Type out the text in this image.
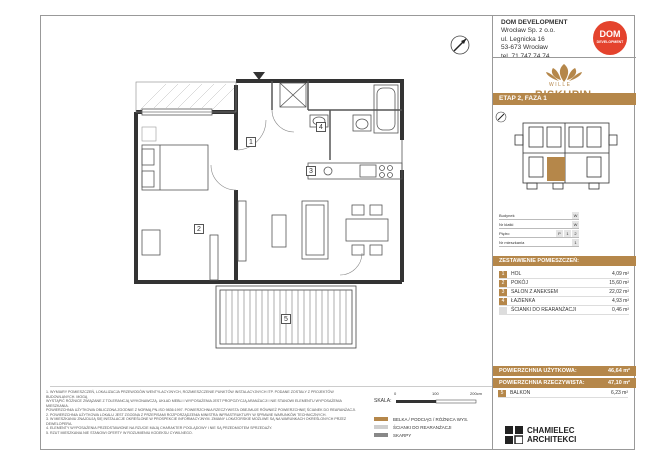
1
2
3
4
5
DOM DEVELOPMENT
Wrocław Sp. z o.o.
ul. Legnicka 16
53-673 Wrocław
tel. 71 747 74 74
DOM
DEVELOPMENT
WILLE
ETAP 2, FAZA 1
Budynek	W
Nr klatki	W
Piętro	P 1 2
Nr mieszkania	1
ZESTAWIENIE POMIESZCZEŃ:
1	HOL	4,09 m²
2	POKÓJ	15,60 m²
3	SALON Z ANEKSEM	22,02 m²
4	ŁAZIENKA	4,93 m²
ŚCIANKI DO REARANŻACJI	0,46 m²
POWIERZCHNIA UŻYTKOWA:	46,64 m²
POWIERZCHNIA RZECZYWISTA:	47,10 m²
5	BALKON	6,23 m²
1. WYMIARY POMIESZCZEŃ, LOKALIZACJA PRZEWODÓW WENTYLACYJNYCH, ROZMIESZCZENIE PUNKTÓW INSTALACYJNYCH ITP. PODANE ZOSTAŁY Z PROJEKTÓW BUDOWLANYCH. MOGĄ
WYSTĄPIĆ RÓŻNICE ZWIĄZANE Z TOLERANCJĄ WYKONAWCZĄ. UKŁAD MEBLI I WYPOSAŻENIA JEST PROPOZYCJĄ ARANŻACJI I NIE STANOWI ELEMENTU WYPOSAŻENIA MIESZKANIA.
POWIERZCHNIA UŻYTKOWA OBLICZONA ZGODNIE Z NORMĄ PN-ISO 9836:1997. POWIERZCHNIA RZECZYWISTA OBEJMUJE RÓWNIEŻ POWIERZCHNIĘ ŚCIANEK DO REARANŻACJI.
2. POWIERZCHNIA UŻYTKOWA LOKALU JEST ZGODNA Z PRZEPISAMI ROZPORZĄDZENIA MINISTRA INFRASTRUKTURY W SPRAWIE WARUNKÓW TECHNICZNYCH.
3. W MIESZKANIU ZNAJDUJĄ SIĘ INSTALACJE OKREŚLONE W PROSPEKCIE INFORMACYJNYM. ZMIANY LOKATORSKIE MOŻLIWE SĄ NA WARUNKACH OKREŚLONYCH PRZEZ DEWELOPERA.
4. ELEMENTY WYPOSAŻENIA PRZEDSTAWIONE NA RZUCIE MAJĄ CHARAKTER POGLĄDOWY I NIE SĄ PRZEDMIOTEM SPRZEDAŻY.
5. RZUT MIESZKANIA NIE STANOWI OFERTY W ROZUMIENIU KODEKSU CYWILNEGO.
SKALA:
0	100	200cm
BELKA / PODCIĄG / RÓŻNICA WYS.
ŚCIANKI DO REARANŻACJI
SKARPY	CHAMIELEC
ARCHITEKCI
